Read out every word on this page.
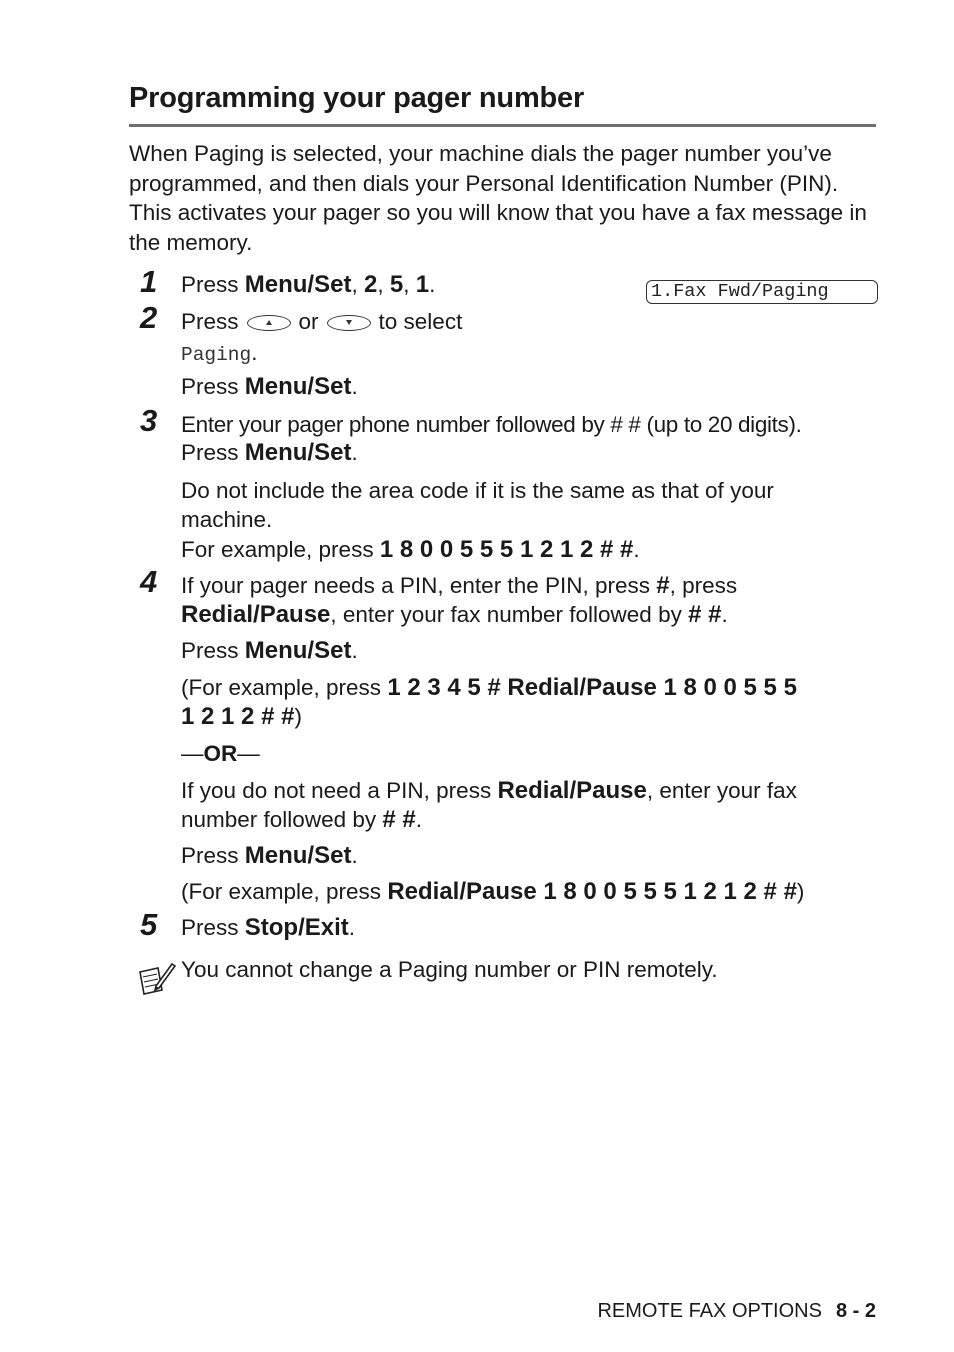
Programming your pager number

When Paging is selected, your machine dials the pager number you’ve programmed, and then dials your Personal Identification Number (PIN). This activates your pager so you will know that you have a fax message in the memory.

1.Fax Fwd/Paging
1 Press Menu/Set, 2, 5, 1.
2 Press	or	to select
Paging.
Press Menu/Set.
3 Enter your pager phone number followed by # # (up to 20 digits).
Press Menu/Set.
Do not include the area code if it is the same as that of your
machine.
For example, press 1 8 0 0 5 5 5 1 2 1 2 # #.
4 If your pager needs a PIN, enter the PIN, press #, press
Redial/Pause, enter your fax number followed by # #.
Press Menu/Set.
(For example, press 1 2 3 4 5 # Redial/Pause 1 8 0 0 5 5 5
1 2 1 2 # #)
—OR—
If you do not need a PIN, press Redial/Pause, enter your fax
number followed by # #.
Press Menu/Set.
(For example, press Redial/Pause 1 8 0 0 5 5 5 1 2 1 2 # #)
5 Press Stop/Exit.
You cannot change a Paging number or PIN remotely.
REMOTE FAX OPTIONS 8 - 2
